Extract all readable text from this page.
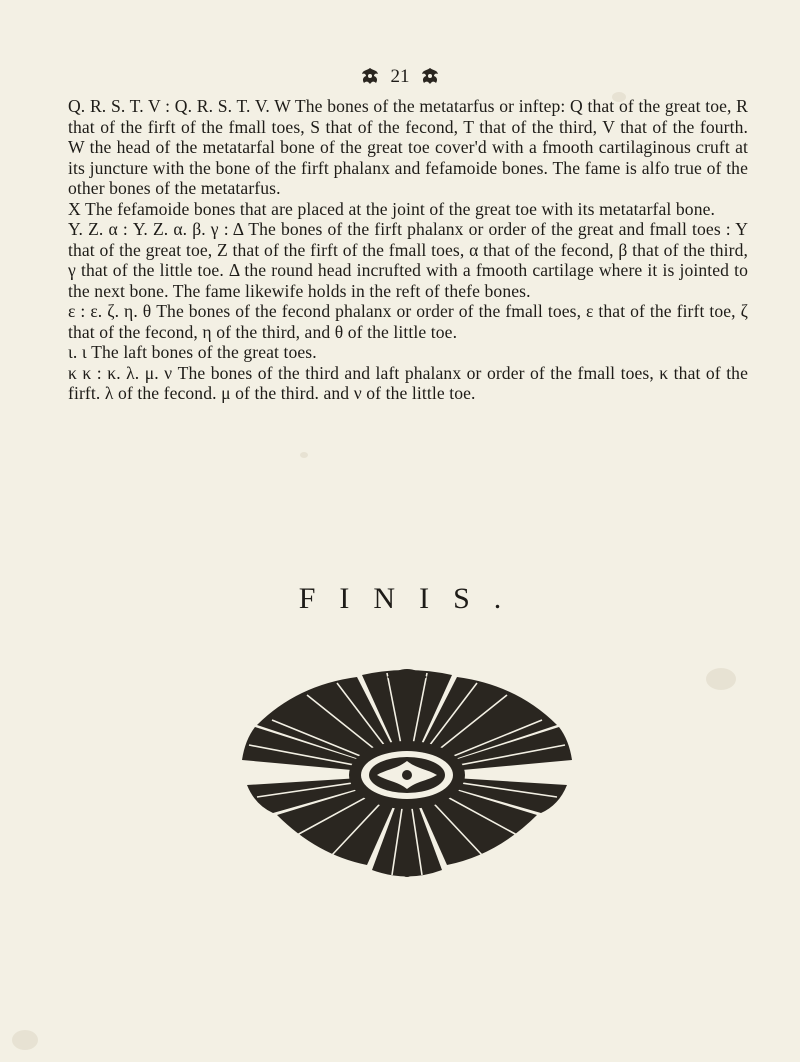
21

Q. R. S. T. V : Q. R. S. T. V. W The bones of the metatarfus or inftep: Q that of the great toe, R that of the firft of the fmall toes, S that of the fecond, T that of the third, V that of the fourth. W the head of the metatarfal bone of the great toe cover'd with a fmooth cartilaginous cruft at its juncture with the bone of the firft phalanx and fefamoide bones. The fame is alfo true of the other bones of the metatarfus.

X The fefamoide bones that are placed at the joint of the great toe with its metatarfal bone.

Y. Z. α : Y. Z. α. β. γ : Δ The bones of the firft phalanx or order of the great and fmall toes : Y that of the great toe, Z that of the firft of the fmall toes, α that of the fecond, β that of the third, γ that of the little toe. Δ the round head incrufted with a fmooth cartilage where it is jointed to the next bone. The fame likewife holds in the reft of thefe bones.

ε : ε. ζ. η. θ The bones of the fecond phalanx or order of the fmall toes, ε that of the firft toe, ζ that of the fecond, η of the third, and θ of the little toe.

ι. ι The laft bones of the great toes.

κ κ : κ. λ. μ. ν The bones of the third and laft phalanx or order of the fmall toes, κ that of the firft. λ of the fecond. μ of the third. and ν of the little toe.

FINIS.
